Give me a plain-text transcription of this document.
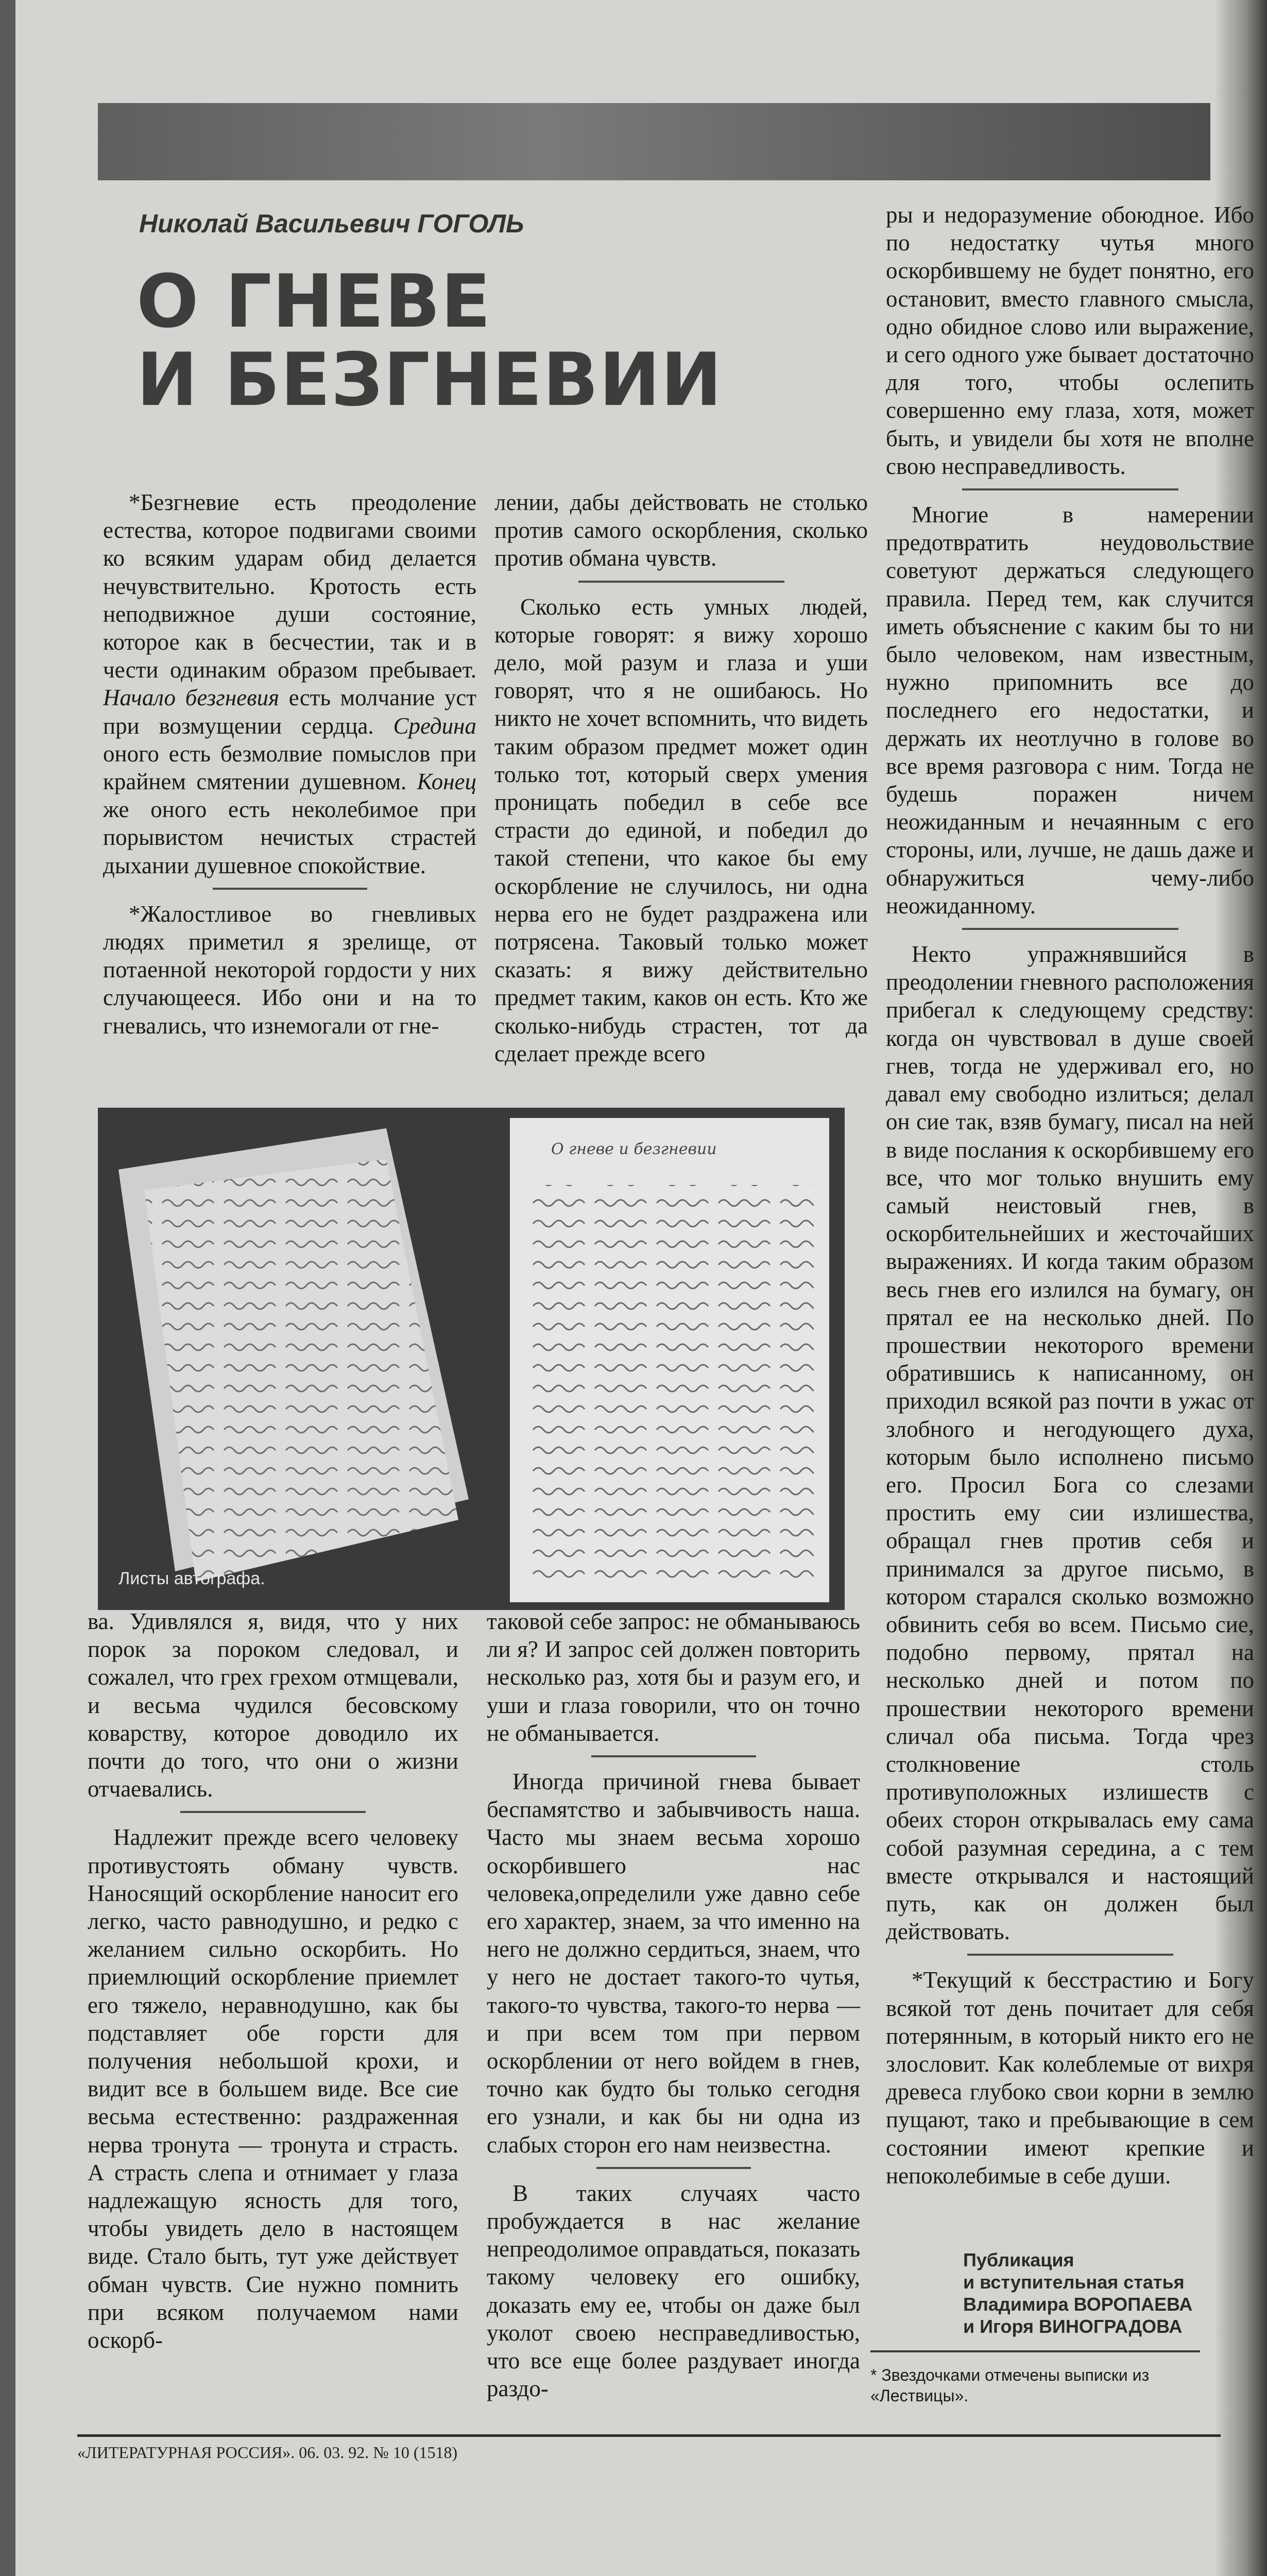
Николай Васильевич ГОГОЛЬ
О ГНЕВЕ
И БЕЗГНЕВИИ

*Безгневие есть преодоление естества, которое подвигами своими ко всяким ударам обид делается нечувствительно. Кротость есть неподвижное души состояние, которое как в бесчестии, так и в чести одинаким образом пребывает. Начало безгневия есть молчание уст при возмущении сердца. Средина оного есть безмолвие помыслов при крайнем смятении душевном. Конец же оного есть неколебимое при порывистом нечистых страстей дыхании душевное спокойствие.

*Жалостливое во гневливых людях приметил я зрелище, от потаенной некоторой гордости у них случающееся. Ибо они и на то гневались, что изнемогали от гне-

лении, дабы действовать не столько против самого оскорбления, сколько против обмана чувств.

Сколько есть умных людей, которые говорят: я вижу хорошо дело, мой разум и глаза и уши говорят, что я не ошибаюсь. Но никто не хочет вспомнить, что видеть таким образом предмет может один только тот, который сверх умения проницать победил в себе все страсти до единой, и победил до такой степени, что какое бы ему оскорбление не случилось, ни одна нерва его не будет раздражена или потрясена. Таковый только может сказать: я вижу действительно предмет таким, каков он есть. Кто же сколько-нибудь страстен, тот да сделает прежде всего

О гневе и безгневии
Листы автографа.

ва. Удивлялся я, видя, что у них порок за пороком следовал, и сожалел, что грех грехом отмщевали, и весьма чудился бесовскому коварству, которое доводило их почти до того, что они о жизни отчаевались.

Надлежит прежде всего человеку противустоять обману чувств. Наносящий оскорбление наносит его легко, часто равнодушно, и редко с желанием сильно оскорбить. Но приемлющий оскорбление приемлет его тяжело, неравнодушно, как бы подставляет обе горсти для получения небольшой крохи, и видит все в большем виде. Все сие весьма естественно: раздраженная нерва тронута — тронута и страсть. А страсть слепа и отнимает у глаза надлежащую ясность для того, чтобы увидеть дело в настоящем виде. Стало быть, тут уже действует обман чувств. Сие нужно помнить при всяком получаемом нами оскорб-

таковой себе запрос: не обманываюсь ли я? И запрос сей должен повторить несколько раз, хотя бы и разум его, и уши и глаза говорили, что он точно не обманывается.

Иногда причиной гнева бывает беспамятство и забывчивость наша. Часто мы знаем весьма хорошо оскорбившего нас человека,определили уже давно себе его характер, знаем, за что именно на него не должно сердиться, знаем, что у него не достает такого-то чутья, такого-то чувства, такого-то нерва — и при всем том при первом оскорблении от него войдем в гнев, точно как будто бы только сегодня его узнали, и как бы ни одна из слабых сторон его нам неизвестна.

В таких случаях часто пробуждается в нас желание непреодолимое оправдаться, показать такому человеку его ошибку, доказать ему ее, чтобы он даже был уколот своею несправедливостью, что все еще более раздувает иногда раздо-

ры и недоразумение обоюдное. Ибо по недостатку чутья много оскорбившему не будет понятно, его остановит, вместо главного смысла, одно обидное слово или выражение, и сего одного уже бывает достаточно для того, чтобы ослепить совершенно ему глаза, хотя, может быть, и увидели бы хотя не вполне свою несправедливость.

Многие в намерении предотвратить неудовольствие советуют держаться следующего правила. Перед тем, как случится иметь объяснение с каким бы то ни было человеком, нам известным, нужно припомнить все до последнего его недостатки, и держать их неотлучно в голове во все время разговора с ним. Тогда не будешь поражен ничем неожиданным и нечаянным с его стороны, или, лучше, не дашь даже и обнаружиться чему-либо неожиданному.

Некто упражнявшийся в преодолении гневного расположения прибегал к следующему средству: когда он чувствовал в душе своей гнев, тогда не удерживал его, но давал ему свободно излиться; делал он сие так, взяв бумагу, писал на ней в виде послания к оскорбившему его все, что мог только внушить ему самый неистовый гнев, в оскорбительнейших и жесточайших выражениях. И когда таким образом весь гнев его излился на бумагу, он прятал ее на несколько дней. По прошествии некоторого времени обратившись к написанному, он приходил всякой раз почти в ужас от злобного и негодующего духа, которым было исполнено письмо его. Просил Бога со слезами простить ему сии излишества, обращал гнев против себя и принимался за другое письмо, в котором старался сколько возможно обвинить себя во всем. Письмо сие, подобно первому, прятал на несколько дней и потом по прошествии некоторого времени сличал оба письма. Тогда чрез столкновение столь противуположных излишеств с обеих сторон открывалась ему сама собой разумная середина, а с тем вместе открывался и настоящий путь, как он должен был действовать.

*Текущий к бесстрастию и Богу всякой тот день почитает для себя потерянным, в который никто его не злословит. Как колеблемые от вихря древеса глубоко свои корни в землю пущают, тако и пребывающие в сем состоянии имеют крепкие и непоколебимые в себе души.

Публикация
и вступительная статья
Владимира ВОРОПАЕВА
и Игоря ВИНОГРАДОВА
* Звездочками отмечены выписки из «Лествицы».
«ЛИТЕРАТУРНАЯ РОССИЯ». 06. 03. 92. № 10 (1518)
